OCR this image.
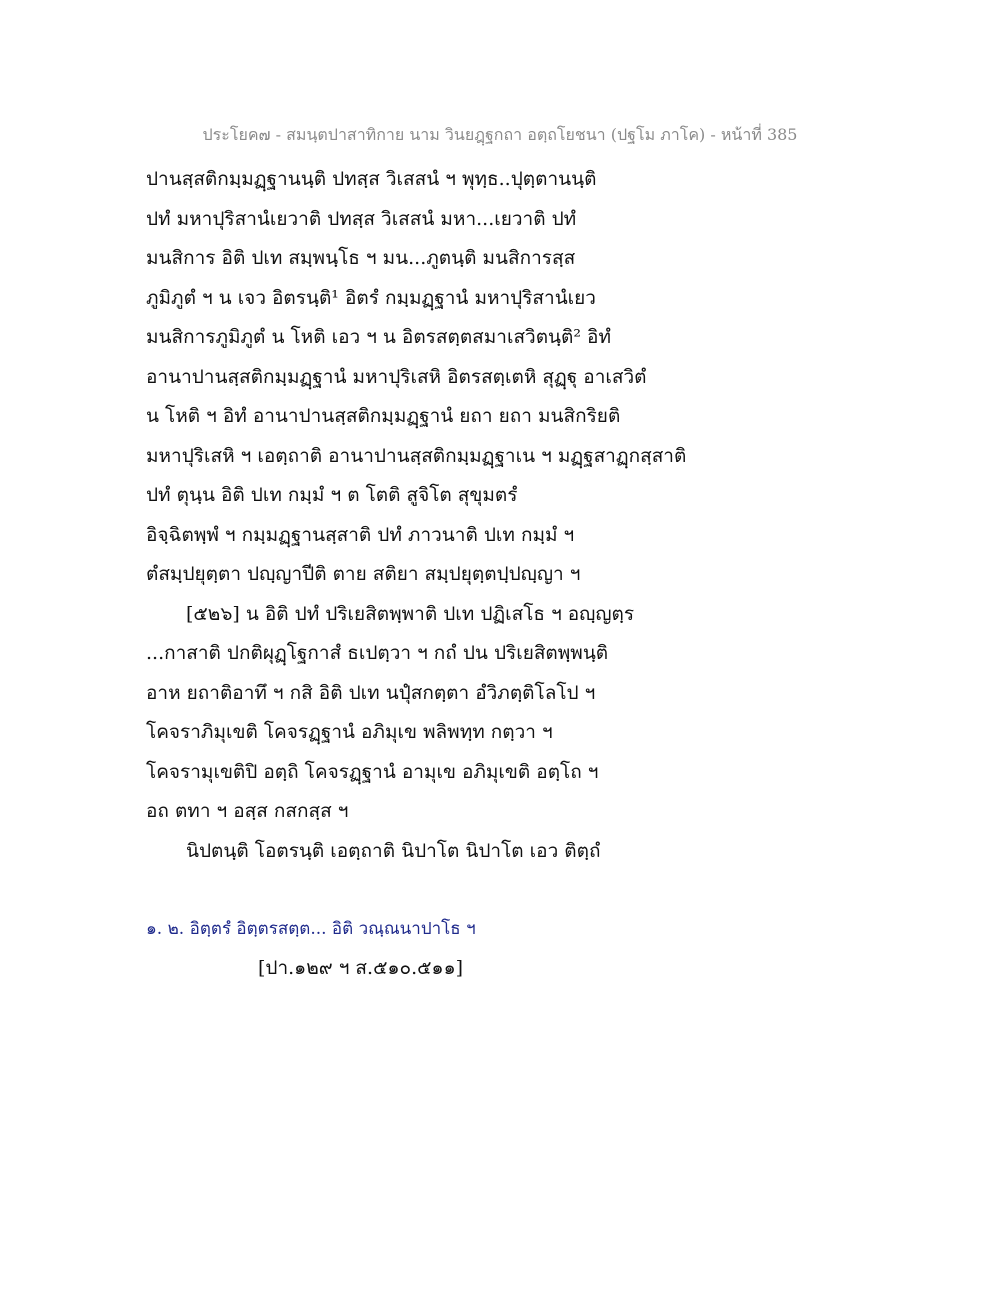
ประโยค๗ - สมนฺตปาสาทิกาย นาม วินยฎฺฐกถา อตฺถโยชนา (ปฐโม ภาโค) - หน้าที่ 385
ปานสฺสติกมฺมฏฺฐานนฺติ ปทสฺส วิเสสนํ ฯ พุทฺธ..ปุตฺตานนฺติ
ปทํ มหาปุริสานํเยวาติ ปทสฺส วิเสสนํ มหา...เยวาติ ปทํ
มนสิการ อิติ ปเท สมฺพนฺโธ ฯ มน...ภูตนฺติ มนสิการสฺส
ภูมิภูตํ ฯ น เจว อิตรนฺติ¹ อิตรํ กมฺมฏฺฐานํ มหาปุริสานํเยว
มนสิการภูมิภูตํ น โหติ เอว ฯ น อิตรสตฺตสมาเสวิตนฺติ² อิทํ
อานาปานสฺสติกมฺมฏฺฐานํ มหาปุริเสหิ อิตรสตฺเตหิ สุฏฺฐุ อาเสวิตํ
น โหติ ฯ อิทํ อานาปานสฺสติกมฺมฏฺฐานํ ยถา ยถา มนสิกริยติ
มหาปุริเสหิ ฯ เอตฺถาติ อานาปานสฺสติกมฺมฏฺฐาเน ฯ มฏฺฐสาฏฺกสฺสาติ
ปทํ ตุนฺน อิติ ปเท กมฺมํ ฯ ต โตติ สูจิโต สุขุมตรํ
อิจฺฉิตพฺพํ ฯ กมฺมฏฺฐานสฺสาติ ปทํ ภาวนาติ ปเท กมฺมํ ฯ
ตํสมฺปยุตฺตา ปญฺญาปีติ ตาย สติยา สมฺปยุตฺตปฺปญฺญา ฯ
[๕๒๖] น อิติ ปทํ ปริเยสิตพฺพาติ ปเท ปฏิเสโธ ฯ อญฺญตฺร
...กาสาติ ปกติผุฏฺโฐกาสํ ธเปตฺวา ฯ กถํ ปน ปริเยสิตพฺพนฺติ
อาห ยถาติอาทึ ฯ กสิ อิติ ปเท นปุํสกตฺตา อํวิภตฺติโลโป ฯ
โคจราภิมุเขติ โคจรฏฺฐานํ อภิมุเข พลิพทฺท กตฺวา ฯ
โคจรามุเขติปิ อตฺถิ โคจรฏฺฐานํ อามุเข อภิมุเขติ อตฺโถ ฯ
อถ ตทา ฯ อสฺส กสกสฺส ฯ
นิปตนฺติ โอตรนฺติ เอตฺถาติ นิปาโต นิปาโต เอว ติตฺถํ
๑. ๒. อิตฺตรํ อิตฺตรสตฺต... อิติ วณฺณนาปาโธ ฯ
[ปา.๑๒๙ ฯ ส.๕๑๐.๕๑๑]
